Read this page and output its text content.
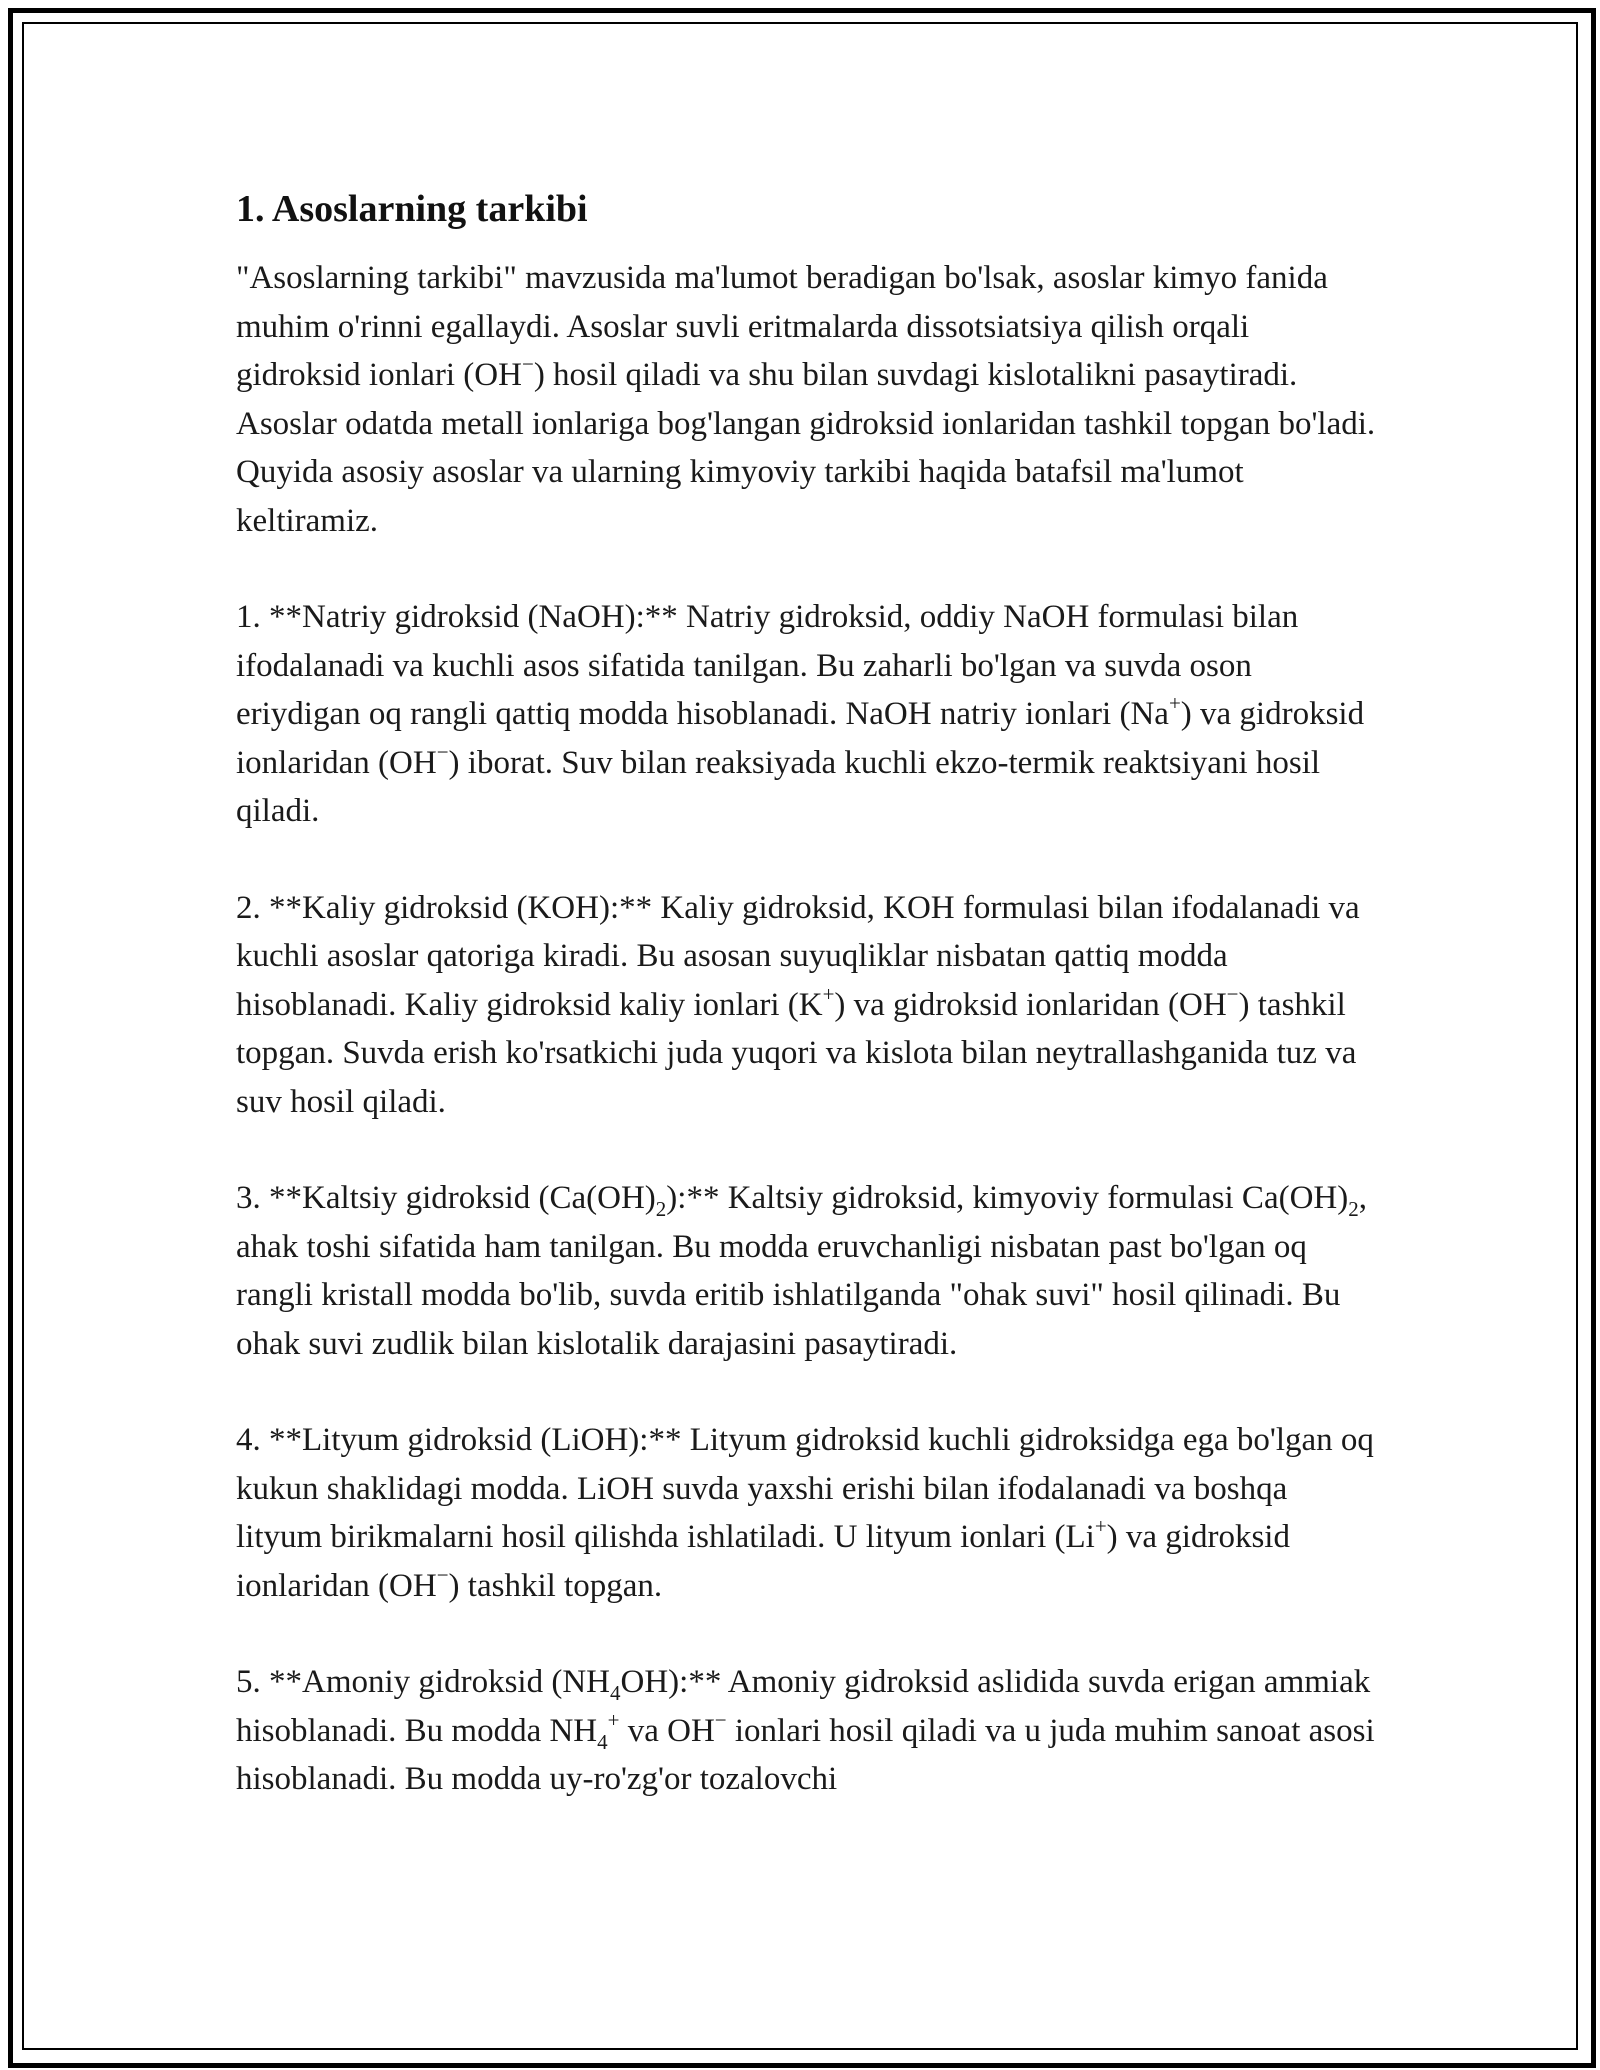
1. Asoslarning tarkibi

"Asoslarning tarkibi" mavzusida ma'lumot beradigan bo'lsak, asoslar kimyo fanida muhim o'rinni egallaydi. Asoslar suvli eritmalarda dissotsiatsiya qilish orqali gidroksid ionlari (OH−) hosil qiladi va shu bilan suvdagi kislotalikni pasaytiradi. Asoslar odatda metall ionlariga bog'langan gidroksid ionlaridan tashkil topgan bo'ladi. Quyida asosiy asoslar va ularning kimyoviy tarkibi haqida batafsil ma'lumot keltiramiz.

1. **Natriy gidroksid (NaOH):** Natriy gidroksid, oddiy NaOH formulasi bilan ifodalanadi va kuchli asos sifatida tanilgan. Bu zaharli bo'lgan va suvda oson eriydigan oq rangli qattiq modda hisoblanadi. NaOH natriy ionlari (Na+) va gidroksid ionlaridan (OH−) iborat. Suv bilan reaksiyada kuchli ekzo-termik reaktsiyani hosil qiladi.

2. **Kaliy gidroksid (KOH):** Kaliy gidroksid, KOH formulasi bilan ifodalanadi va kuchli asoslar qatoriga kiradi. Bu asosan suyuqliklar nisbatan qattiq modda hisoblanadi. Kaliy gidroksid kaliy ionlari (K+) va gidroksid ionlaridan (OH−) tashkil topgan. Suvda erish ko'rsatkichi juda yuqori va kislota bilan neytrallashganida tuz va suv hosil qiladi.

3. **Kaltsiy gidroksid $(Ca(OH)_2):**$ Kaltsiy gidroksid, kimyoviy formulasi $Ca(OH)_2$, ahak toshi sifatida ham tanilgan. Bu modda eruvchanligi nisbatan past bo'lgan oq rangli kristall modda bo'lib, suvda eritib ishlatilganda "ohak suvi" hosil qilinadi. Bu ohak suvi zudlik bilan kislotalik darajasini pasaytiradi.

4. **Lityum gidroksid (LiOH):** Lityum gidroksid kuchli gidroksidga ega bo'lgan oq kukun shaklidagi modda. LiOH suvda yaxshi erishi bilan ifodalanadi va boshqa lityum birikmalarni hosil qilishda ishlatiladi. U lityum ionlari (Li+) va gidroksid ionlaridan (OH−) tashkil topgan.

5. **Amoniy gidroksid $(NH_4OH):**$ Amoniy gidroksid aslidida suvda erigan ammiak hisoblanadi. Bu modda $NH_4^+$ va OH− ionlari hosil qiladi va u juda muhim sanoat asosi hisoblanadi. Bu modda uy-ro'zg'or tozalovchi
